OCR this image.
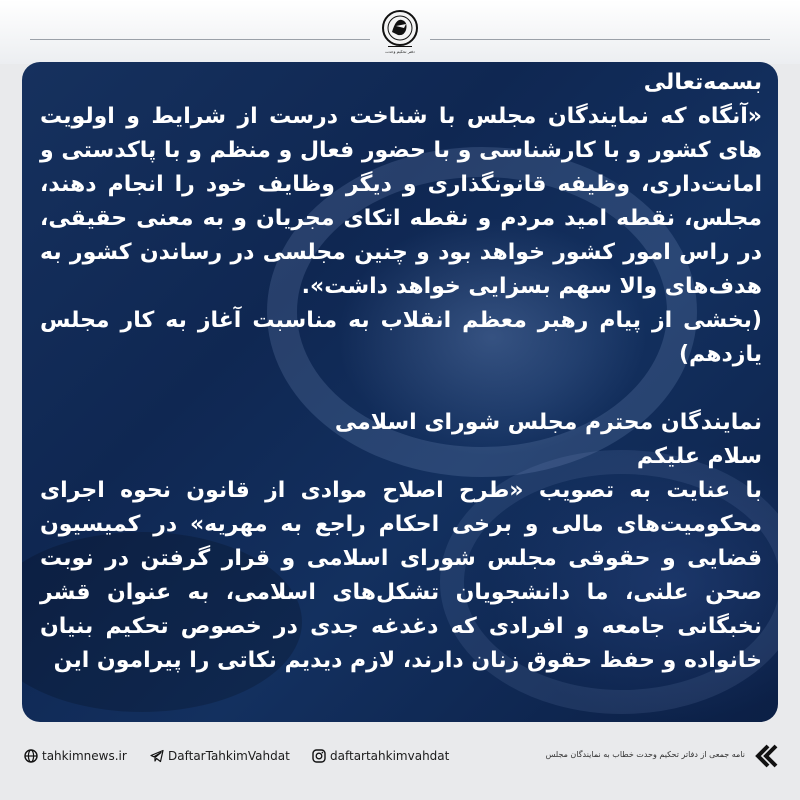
دفتر تحکیم وحدت

بسمه‌تعالی

«آنگاه که نمایندگان مجلس با شناخت درست از شرایط و اولویت های کشور و با کارشناسی و با حضور فعال و منظم و با پاکدستی و امانت‌داری، وظیفه قانونگذاری و دیگر وظایف خود را انجام دهند، مجلس، نقطه امید مردم و نقطه اتکای مجریان و به معنی حقیقی، در راس امور کشور خواهد بود و چنین مجلسی در رساندن کشور به هدف‌های والا سهم بسزایی خواهد داشت».

(بخشی از پیام رهبر معظم انقلاب به مناسبت آغاز به کار مجلس یازدهم)

نمایندگان محترم مجلس شورای اسلامی

سلام علیکم

با عنایت به تصویب «طرح اصلاح موادی از قانون نحوه اجرای محکومیت‌های مالی و برخی احکام راجع به مهریه» در کمیسیون قضایی و حقوقی مجلس شورای اسلامی و قرار گرفتن در نوبت صحن علنی، ما دانشجویان تشکل‌های اسلامی، به عنوان قشر نخبگانی جامعه و افرادی که دغدغه جدی در خصوص تحکیم بنیان خانواده و حفظ حقوق زنان دارند، لازم دیدیم نکاتی را پیرامون این

نامه جمعی از دفاتر تحکیم وحدت خطاب به نمایندگان مجلس
tahkimnews.ir	DaftarTahkimVahdat	daftartahkimvahdat
